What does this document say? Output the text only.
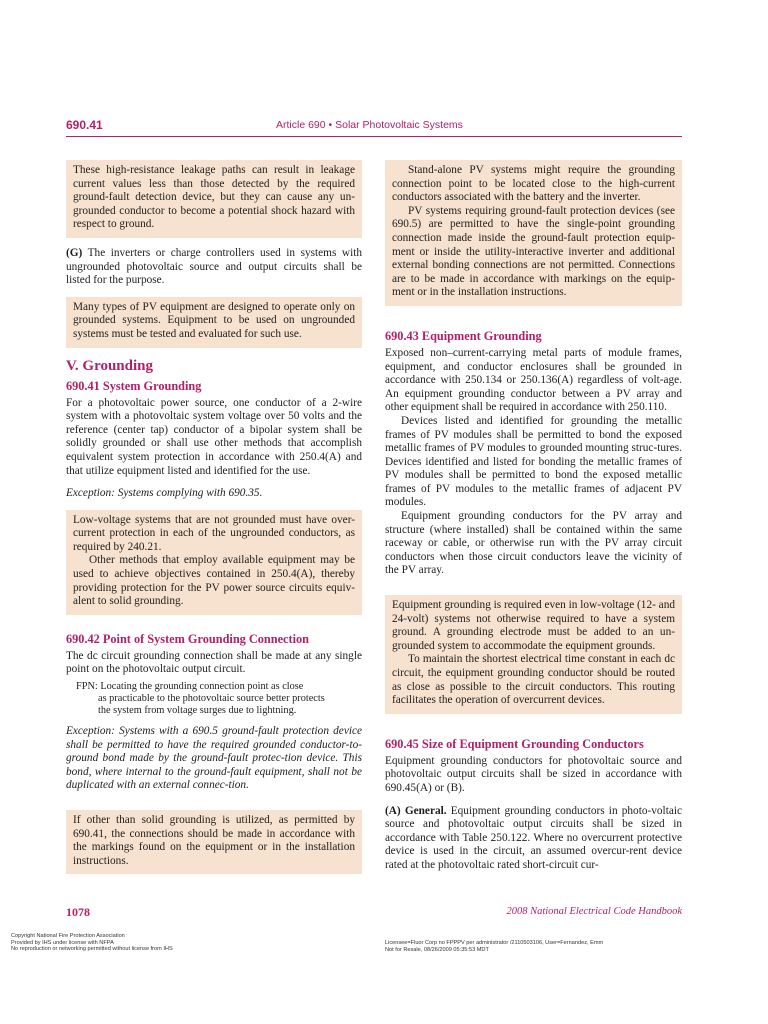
690.41	Article 690 • Solar Photovoltaic Systems

These high-resistance leakage paths can result in leakage current values less than those detected by the required ground-fault detection device, but they can cause any un-grounded conductor to become a potential shock hazard with respect to ground.

(G) The inverters or charge controllers used in systems with ungrounded photovoltaic source and output circuits shall be listed for the purpose.

Many types of PV equipment are designed to operate only on grounded systems. Equipment to be used on ungrounded systems must be tested and evaluated for such use.

V. Grounding
690.41 System Grounding

For a photovoltaic power source, one conductor of a 2-wire system with a photovoltaic system voltage over 50 volts and the reference (center tap) conductor of a bipolar system shall be solidly grounded or shall use other methods that accomplish equivalent system protection in accordance with 250.4(A) and that utilize equipment listed and identified for the use.

Exception: Systems complying with 690.35.

Low-voltage systems that are not grounded must have over-current protection in each of the ungrounded conductors, as required by 240.21.

Other methods that employ available equipment may be used to achieve objectives contained in 250.4(A), thereby providing protection for the PV power source circuits equiv-alent to solid grounding.

690.42 Point of System Grounding Connection

The dc circuit grounding connection shall be made at any single point on the photovoltaic output circuit.

FPN: Locating the grounding connection point as close
as practicable to the photovoltaic source better protects
the system from voltage surges due to lightning.

Exception: Systems with a 690.5 ground-fault protection device shall be permitted to have the required grounded conductor-to-ground bond made by the ground-fault protec-tion device. This bond, where internal to the ground-fault equipment, shall not be duplicated with an external connec-tion.

If other than solid grounding is utilized, as permitted by 690.41, the connections should be made in accordance with the markings found on the equipment or in the installation instructions.

Stand-alone PV systems might require the grounding connection point to be located close to the high-current conductors associated with the battery and the inverter.

PV systems requiring ground-fault protection devices (see 690.5) are permitted to have the single-point grounding connection made inside the ground-fault protection equip-ment or inside the utility-interactive inverter and additional external bonding connections are not permitted. Connections are to be made in accordance with markings on the equip-ment or in the installation instructions.

690.43 Equipment Grounding

Exposed non–current-carrying metal parts of module frames, equipment, and conductor enclosures shall be grounded in accordance with 250.134 or 250.136(A) regardless of volt-age. An equipment grounding conductor between a PV array and other equipment shall be required in accordance with 250.110.

Devices listed and identified for grounding the metallic frames of PV modules shall be permitted to bond the exposed metallic frames of PV modules to grounded mounting struc-tures. Devices identified and listed for bonding the metallic frames of PV modules shall be permitted to bond the exposed metallic frames of PV modules to the metallic frames of adjacent PV modules.

Equipment grounding conductors for the PV array and structure (where installed) shall be contained within the same raceway or cable, or otherwise run with the PV array circuit conductors when those circuit conductors leave the vicinity of the PV array.

Equipment grounding is required even in low-voltage (12- and 24-volt) systems not otherwise required to have a system ground. A grounding electrode must be added to an un-grounded system to accommodate the equipment grounds.

To maintain the shortest electrical time constant in each dc circuit, the equipment grounding conductor should be routed as close as possible to the circuit conductors. This routing facilitates the operation of overcurrent devices.

690.45 Size of Equipment Grounding Conductors

Equipment grounding conductors for photovoltaic source and photovoltaic output circuits shall be sized in accordance with 690.45(A) or (B).

(A) General. Equipment grounding conductors in photo-voltaic source and photovoltaic output circuits shall be sized in accordance with Table 250.122. Where no overcurrent protective device is used in the circuit, an assumed overcur-rent device rated at the photovoltaic rated short-circuit cur-

1078	2008 National Electrical Code Handbook
Copyright National Fire Protection Association
Provided by IHS under license with NFPA
No reproduction or networking permitted without license from IHS
Licensee=Fluor Corp no FPPPV per administrator /2110503106, User=Fernandez, Emm
Not for Resale, 08/26/2009 05:35:53 MDT
